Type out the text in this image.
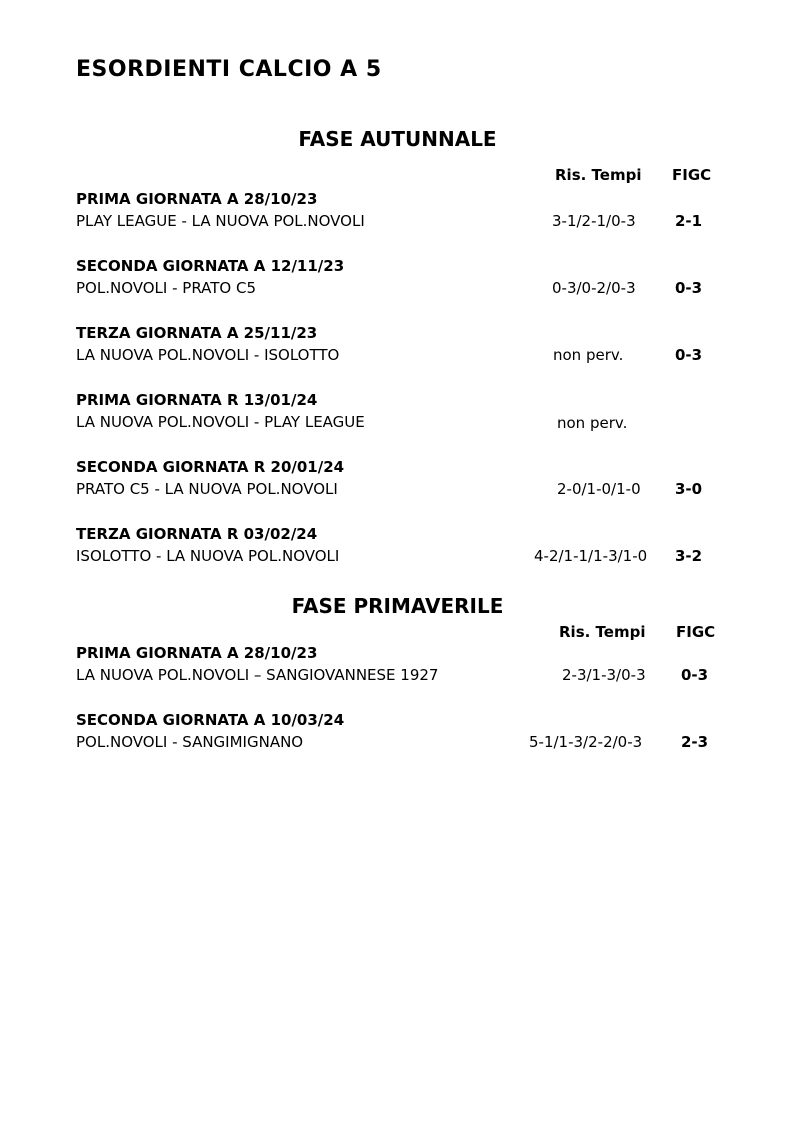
ESORDIENTI CALCIO A 5
FASE AUTUNNALE
Ris. Tempi FIGC
PRIMA GIORNATA A 28/10/23
PLAY LEAGUE - LA NUOVA POL.NOVOLI	3-1/2-1/0-3	2-1
SECONDA GIORNATA A 12/11/23
POL.NOVOLI - PRATO C5	0-3/0-2/0-3	0-3
TERZA GIORNATA A 25/11/23
LA NUOVA POL.NOVOLI - ISOLOTTO	non perv.	0-3
PRIMA GIORNATA R 13/01/24
LA NUOVA POL.NOVOLI - PLAY LEAGUE	non perv.
SECONDA GIORNATA R 20/01/24
PRATO C5 - LA NUOVA POL.NOVOLI	2-0/1-0/1-0 3-0
TERZA GIORNATA R 03/02/24
ISOLOTTO - LA NUOVA POL.NOVOLI	4-2/1-1/1-3/1-0 3-2
FASE PRIMAVERILE
Ris. Tempi FIGC
PRIMA GIORNATA A 28/10/23
LA NUOVA POL.NOVOLI – SANGIOVANNESE 1927	2-3/1-3/0-3 0-3
SECONDA GIORNATA A 10/03/24
POL.NOVOLI - SANGIMIGNANO	5-1/1-3/2-2/0-3	2-3
